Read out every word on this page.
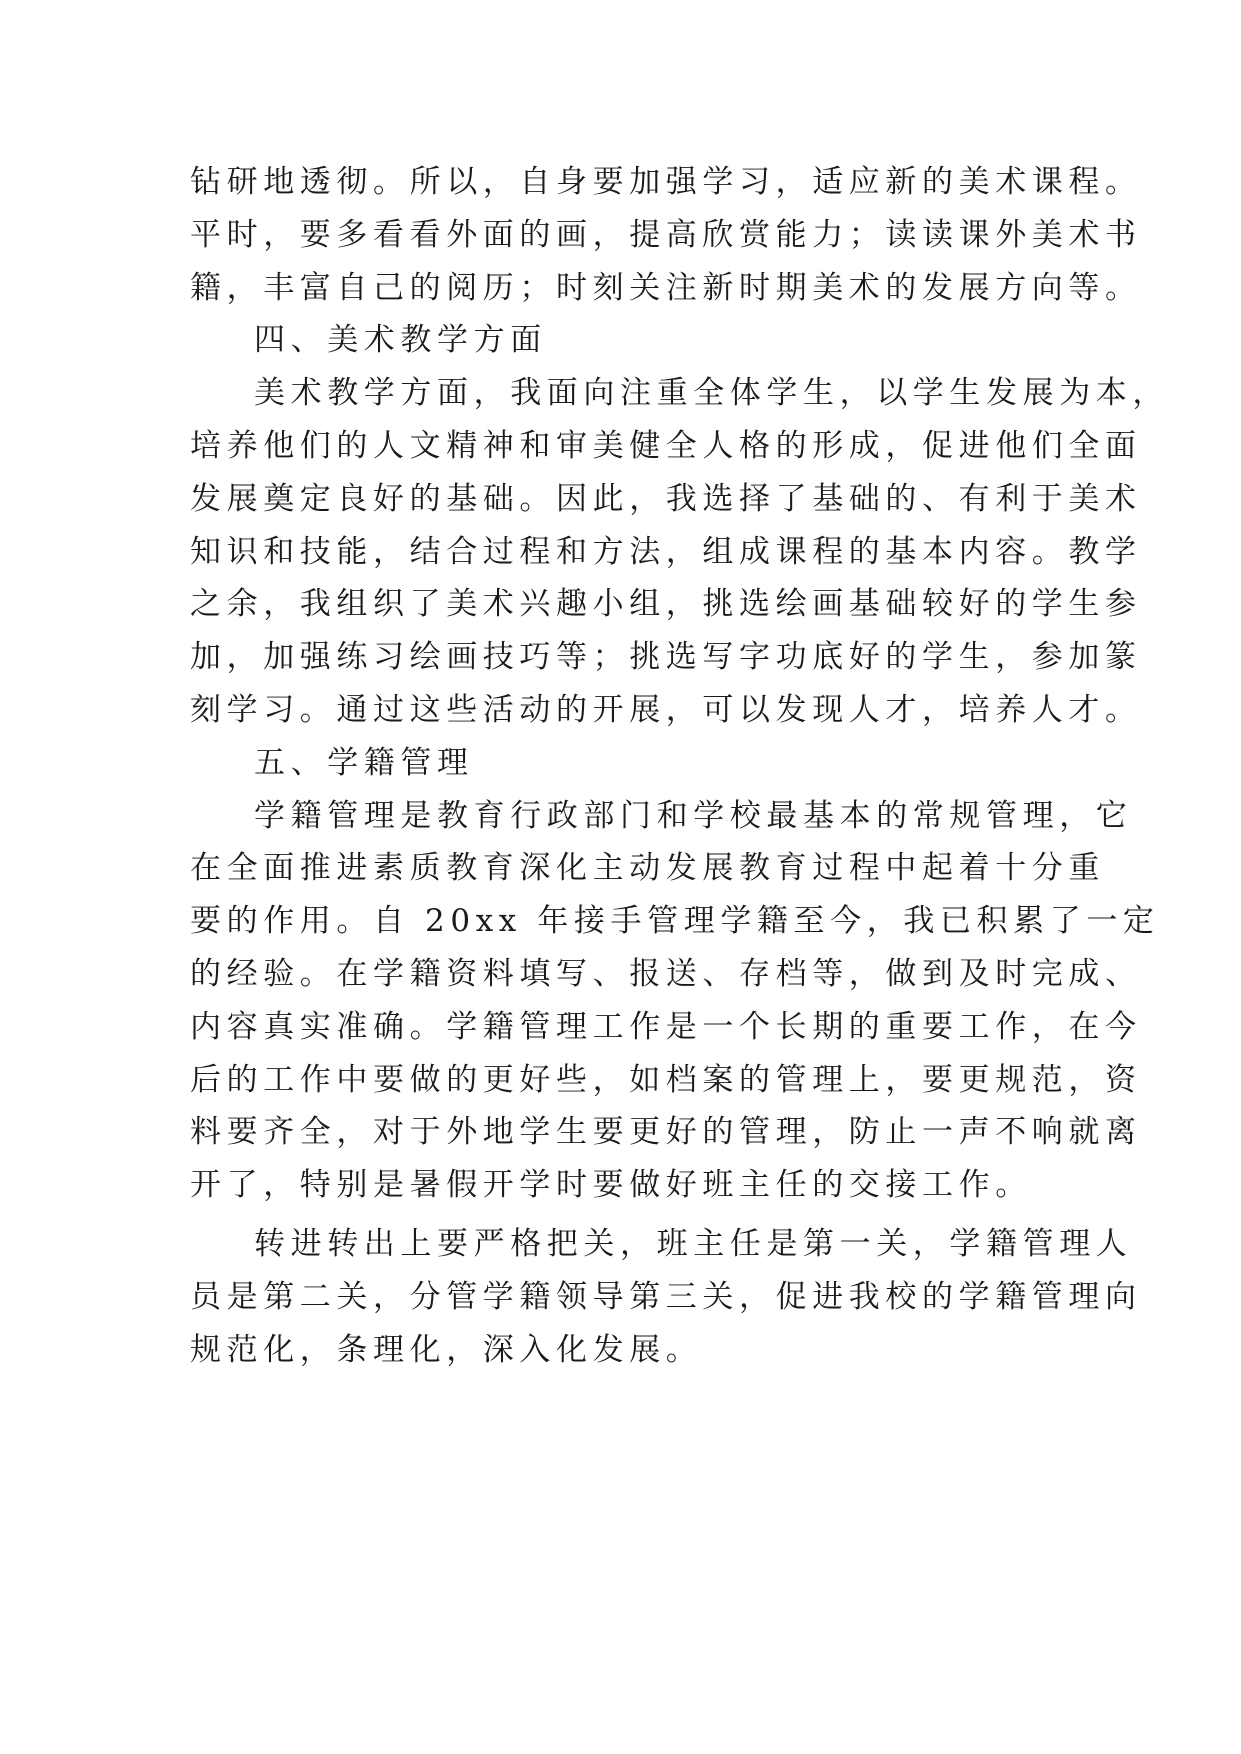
钻研地透彻。所以，自身要加强学习，适应新的美术课程。
平时，要多看看外面的画，提高欣赏能力；读读课外美术书
籍，丰富自己的阅历；时刻关注新时期美术的发展方向等。
四、美术教学方面
美术教学方面，我面向注重全体学生，以学生发展为本，
培养他们的人文精神和审美健全人格的形成，促进他们全面
发展奠定良好的基础。因此，我选择了基础的、有利于美术
知识和技能，结合过程和方法，组成课程的基本内容。教学
之余，我组织了美术兴趣小组，挑选绘画基础较好的学生参
加，加强练习绘画技巧等；挑选写字功底好的学生，参加篆
刻学习。通过这些活动的开展，可以发现人才，培养人才。
五、学籍管理
学籍管理是教育行政部门和学校最基本的常规管理，它
在全面推进素质教育深化主动发展教育过程中起着十分重
要的作用。自 20xx 年接手管理学籍至今，我已积累了一定
的经验。在学籍资料填写、报送、存档等，做到及时完成、
内容真实准确。学籍管理工作是一个长期的重要工作，在今
后的工作中要做的更好些，如档案的管理上，要更规范，资
料要齐全，对于外地学生要更好的管理，防止一声不响就离
开了，特别是暑假开学时要做好班主任的交接工作。
转进转出上要严格把关，班主任是第一关，学籍管理人
员是第二关，分管学籍领导第三关，促进我校的学籍管理向
规范化，条理化，深入化发展。
